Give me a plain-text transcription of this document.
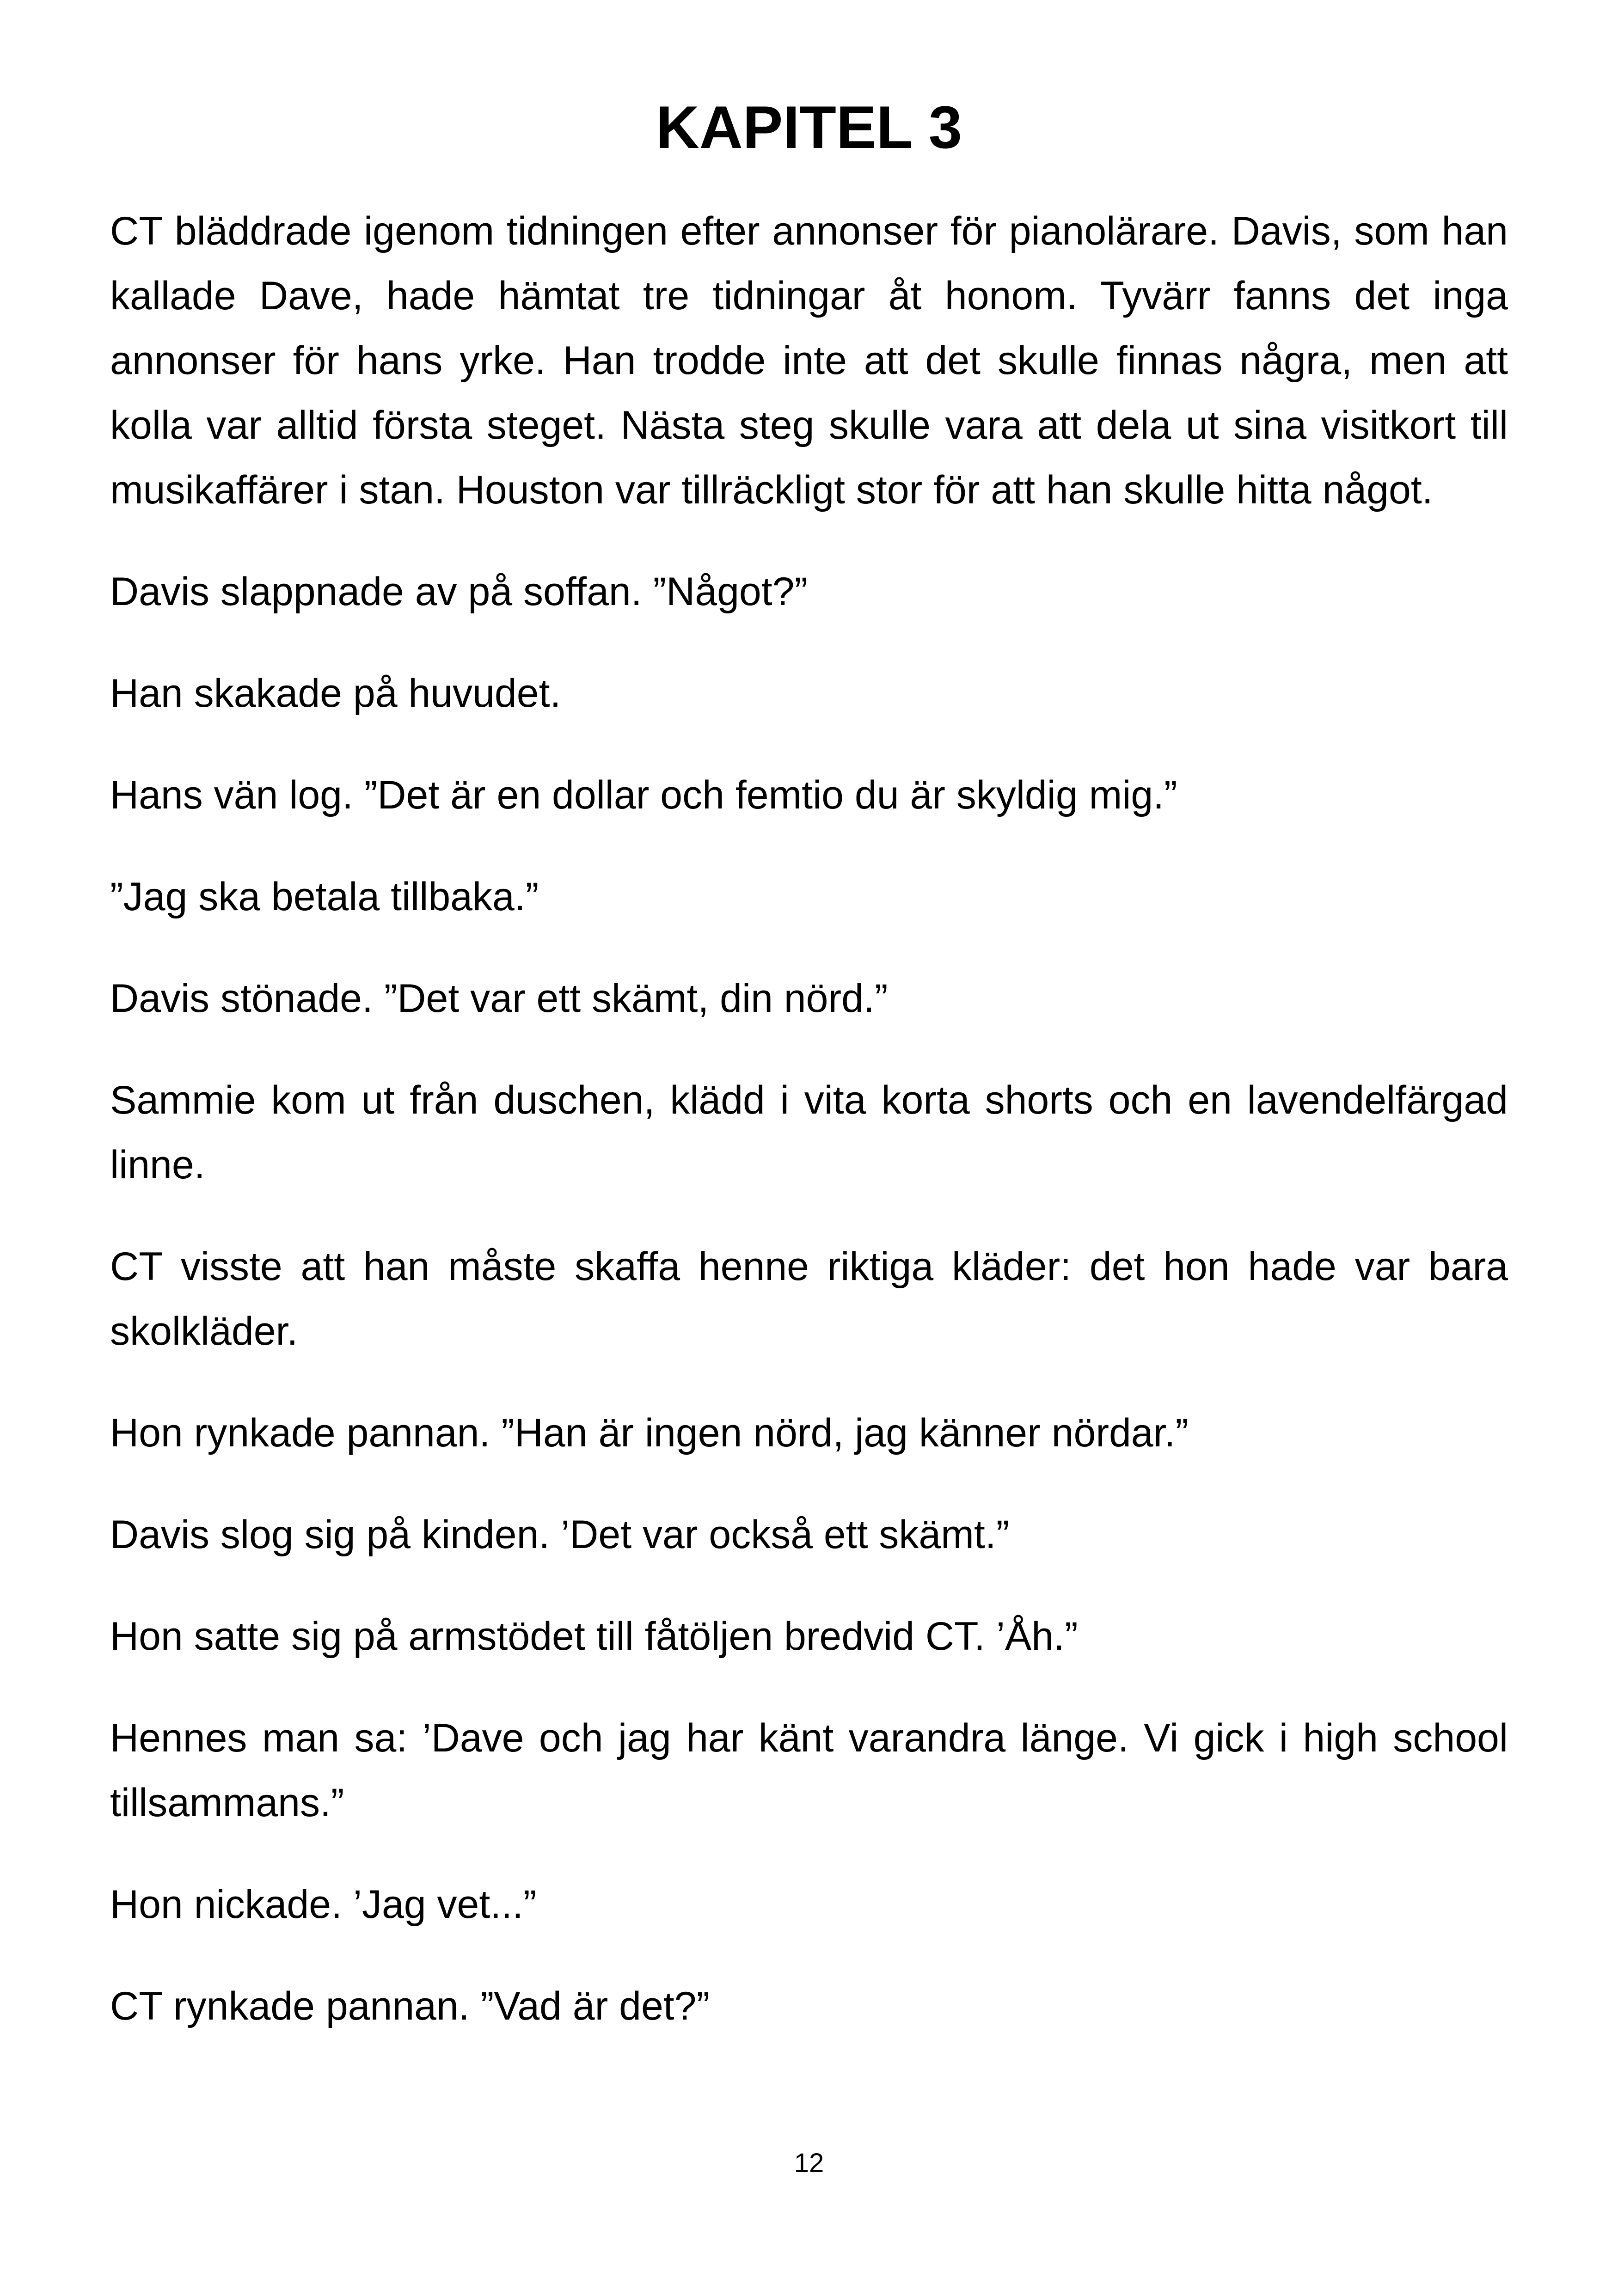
KAPITEL 3

CT bläddrade igenom tidningen efter annonser för pianolärare. Davis, som han kallade Dave, hade hämtat tre tidningar åt honom. Tyvärr fanns det inga annonser för hans yrke. Han trodde inte att det skulle finnas några, men att kolla var alltid första steget. Nästa steg skulle vara att dela ut sina visitkort till musikaffärer i stan. Houston var tillräckligt stor för att han skulle hitta något.

Davis slappnade av på soffan. ”Något?”

Han skakade på huvudet.

Hans vän log. ”Det är en dollar och femtio du är skyldig mig.”

”Jag ska betala tillbaka.”

Davis stönade. ”Det var ett skämt, din nörd.”

Sammie kom ut från duschen, klädd i vita korta shorts och en lavendelfärgad linne.

CT visste att han måste skaffa henne riktiga kläder: det hon hade var bara skolkläder.

Hon rynkade pannan. ”Han är ingen nörd, jag känner nördar.”

Davis slog sig på kinden. ’Det var också ett skämt.”

Hon satte sig på armstödet till fåtöljen bredvid CT. ’Åh.”

Hennes man sa: ’Dave och jag har känt varandra länge. Vi gick i high school tillsammans.”

Hon nickade. ’Jag vet...”

CT rynkade pannan. ”Vad är det?”

12
